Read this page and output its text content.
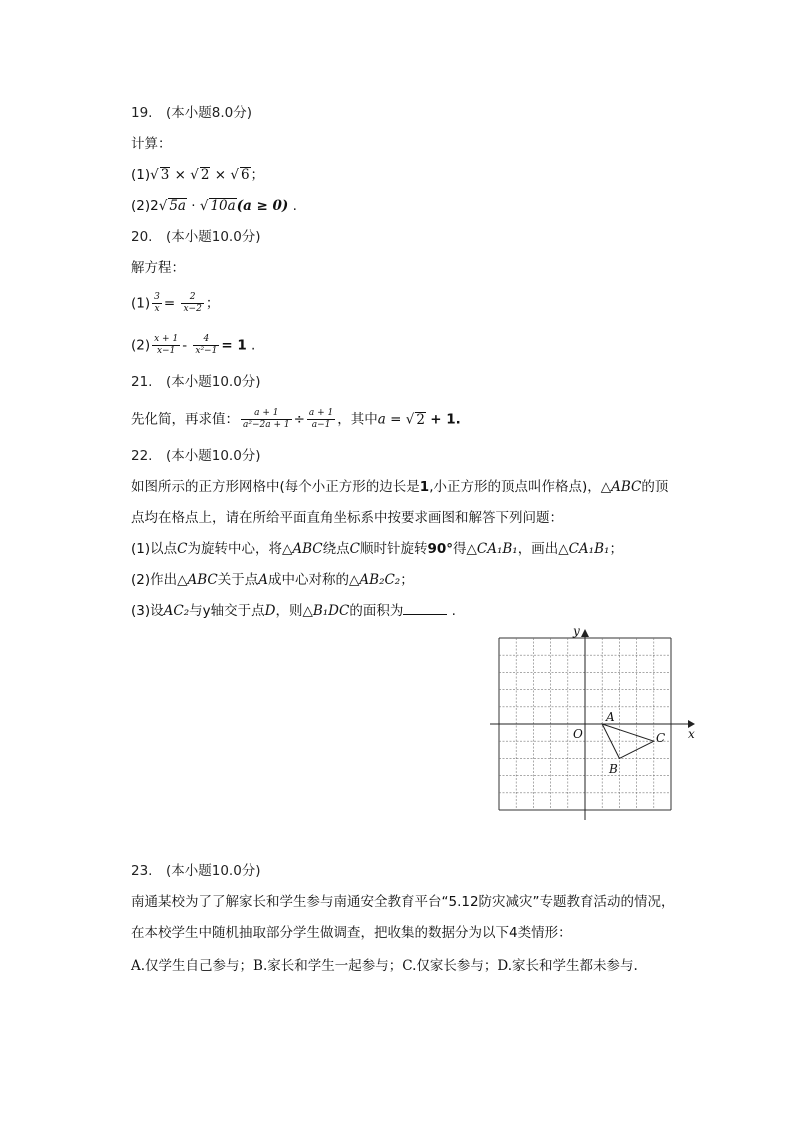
19.　(本小题8.0分)
计算：
(1)√ 3 × √ 2 × √ 6；
(2)2√ 5a · √ 10a(a ≥ 0) .
20.　(本小题10.0分)
解方程：
$(1) \frac{3}{x} = \frac{2}{x-2}$ ；
$(2) \frac{x + 1}{x-1} - \frac{4}{\text{x²−1}} = 1$ .
21.　(本小题10.0分)
先化简，再求值： $\frac{a + 1}{\text{a²−2a + 1}} \div \frac{a + 1}{a-1}$ ，其中a = √ 2 + 1.
22.　(本小题10.0分)
如图所示的正方形网格中(每个小正方形的边长是1,小正方形的顶点叫作格点)，△ABC的顶
点均在格点上，请在所给平面直角坐标系中按要求画图和解答下列问题：
(1)以点C为旋转中心，将△ABC绕点C顺时针旋转90°得△CA₁B₁，画出△CA₁B₁；
(2)作出△ABC关于点A成中心对称的△AB₂C₂；
(3)设AC₂与y轴交于点D，则△B₁DC的面积为	.
x
y
O
A
B
C
23.　(本小题10.0分)
南通某校为了了解家长和学生参与南通安全教育平台“5.12防灾减灾”专题教育活动的情况，
在本校学生中随机抽取部分学生做调查，把收集的数据分为以下4类情形：
A.仅学生自己参与；B.家长和学生一起参与；C.仅家长参与；D.家长和学生都未参与.
